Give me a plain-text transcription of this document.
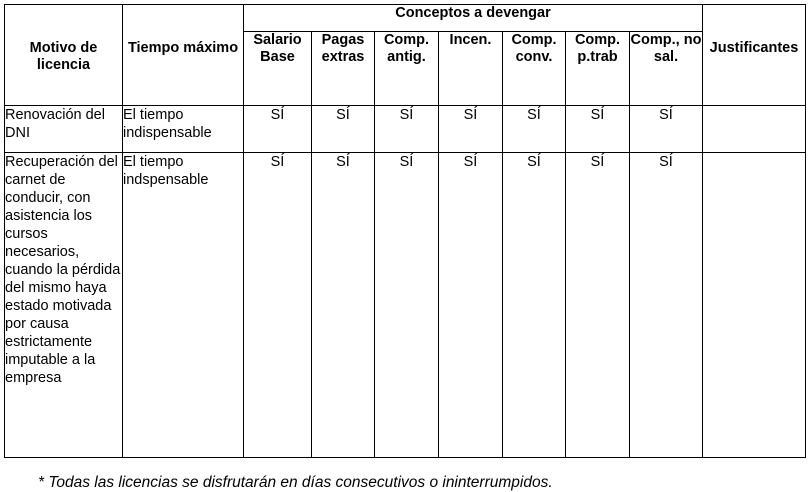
Motivo de licencia	Tiempo máximo	Conceptos a devengar							Justificantes

		Salario Base	Pagas extras	Comp. antig.	Incen.	Comp. conv.	Comp. p.trab	Comp., no sal.	
Renovación del DNI	El tiempo indispensable	SÍ	SÍ	SÍ	SÍ	SÍ	SÍ	SÍ	
Recuperación del carnet de conducir, con asistencia los cursos necesarios, cuando la pérdida del mismo haya estado motivada por causa estrictamente imputable a la empresa	El tiempo indspensable	SÍ	SÍ	SÍ	SÍ	SÍ	SÍ	SÍ	
* Todas las licencias se disfrutarán en días consecutivos o ininterrumpidos.
